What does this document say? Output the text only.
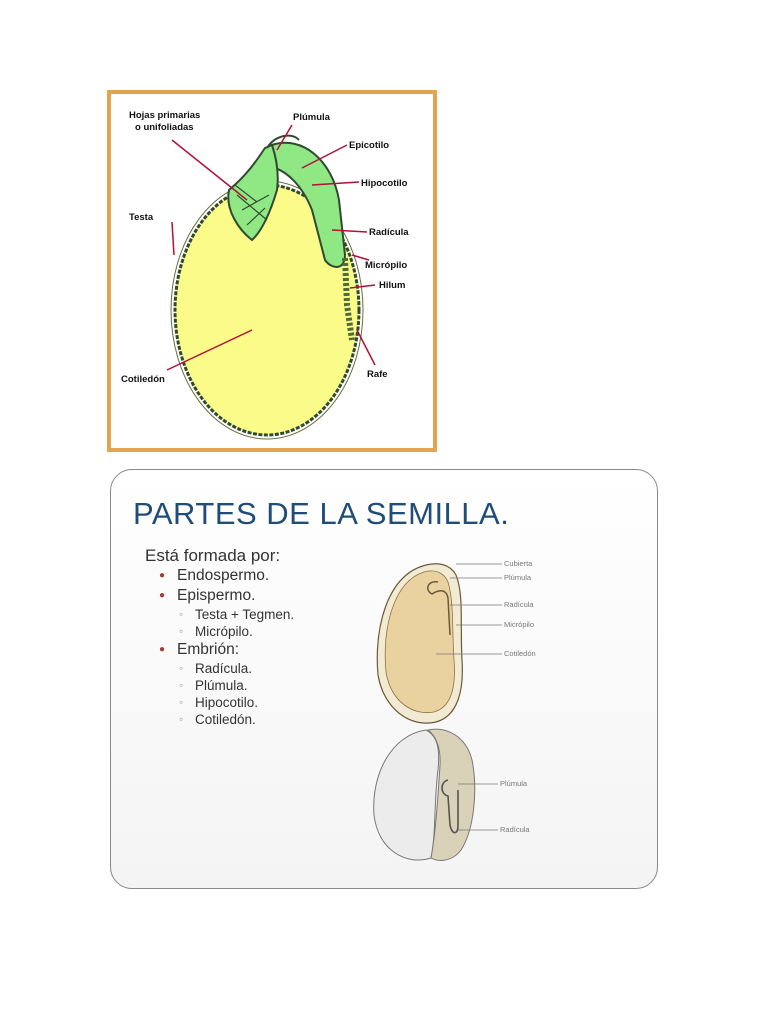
Hojas primarias
o unifoliadas
Plúmula
Epicotilo
Hipocotilo
Testa
Radícula
Micrópilo
Hilum
Cotiledón	Rafe
PARTES DE LA SEMILLA.
Está formada por:
● Endospermo.
● Epispermo.
◦ Testa + Tegmen.
◦ Micrópilo.
● Embrión:
◦ Radícula.
◦ Plúmula.
◦ Hipocotilo.
◦ Cotiledón.
Cubierta
Plúmula
Radícula
Micrópilo
Cotiledón
Plúmula
Radícula
